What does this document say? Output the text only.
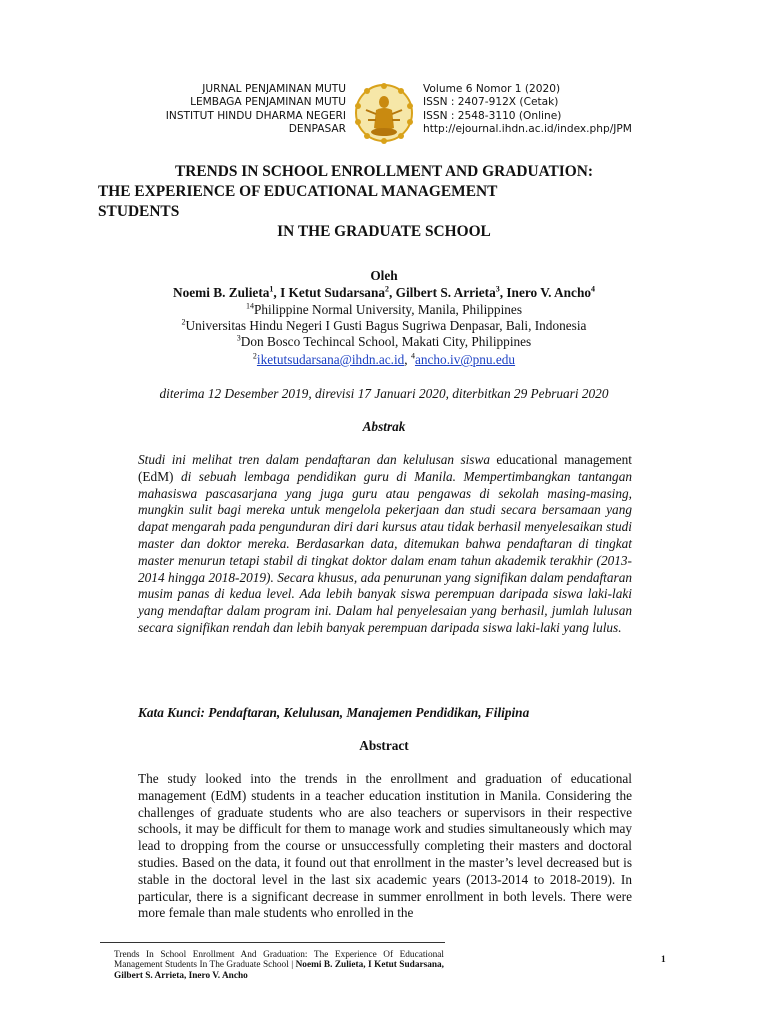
JURNAL PENJAMINAN MUTU
LEMBAGA PENJAMINAN MUTU
INSTITUT HINDU DHARMA NEGERI
DENPASAR
Volume 6 Nomor 1 (2020)
ISSN : 2407-912X (Cetak)
ISSN : 2548-3110 (Online)
http://ejournal.ihdn.ac.id/index.php/JPM
TRENDS IN SCHOOL ENROLLMENT AND GRADUATION:
THE EXPERIENCE OF EDUCATIONAL MANAGEMENT
STUDENTS
IN THE GRADUATE SCHOOL
Oleh
Noemi B. Zulieta$^1$, I Ketut Sudarsana$^2$, Gilbert S. Arrieta$^3$, Inero V. Ancho$^4$
$^{14}$Philippine Normal University, Manila, Philippines
$^2$Universitas Hindu Negeri I Gusti Bagus Sugriwa Denpasar, Bali, Indonesia
$^3$Don Bosco Techincal School, Makati City, Philippines
$^2$iketutsudarsana@ihdn.ac.id, $^4$ancho.iv@pnu.edu
diterima 12 Desember 2019, direvisi 17 Januari 2020, diterbitkan 29 Pebruari 2020
Abstrak
Studi ini melihat tren dalam pendaftaran dan kelulusan siswa educational management (EdM) di sebuah lembaga pendidikan guru di Manila. Mempertimbangkan tantangan mahasiswa pascasarjana yang juga guru atau pengawas di sekolah masing-masing, mungkin sulit bagi mereka untuk mengelola pekerjaan dan studi secara bersamaan yang dapat mengarah pada pengunduran diri dari kursus atau tidak berhasil menyelesaikan studi master dan doktor mereka. Berdasarkan data, ditemukan bahwa pendaftaran di tingkat master menurun tetapi stabil di tingkat doktor dalam enam tahun akademik terakhir (2013-2014 hingga 2018-2019). Secara khusus, ada penurunan yang signifikan dalam pendaftaran musim panas di kedua level. Ada lebih banyak siswa perempuan daripada siswa laki-laki yang mendaftar dalam program ini. Dalam hal penyelesaian yang berhasil, jumlah lulusan secara signifikan rendah dan lebih banyak perempuan daripada siswa laki-laki yang lulus.
Kata Kunci: Pendaftaran, Kelulusan, Manajemen Pendidikan, Filipina
Abstract
The study looked into the trends in the enrollment and graduation of educational management (EdM) students in a teacher education institution in Manila. Considering the challenges of graduate students who are also teachers or supervisors in their respective schools, it may be difficult for them to manage work and studies simultaneously which may lead to dropping from the course or unsuccessfully completing their masters and doctoral studies. Based on the data, it found out that enrollment in the master’s level decreased but is stable in the doctoral level in the last six academic years (2013-2014 to 2018-2019). In particular, there is a significant decrease in summer enrollment in both levels. There were more female than male students who enrolled in the
Trends In School Enrollment And Graduation: The Experience Of Educational Management Students In The Graduate School | Noemi B. Zulieta, I Ketut Sudarsana, Gilbert S. Arrieta, Inero V. Ancho
1
